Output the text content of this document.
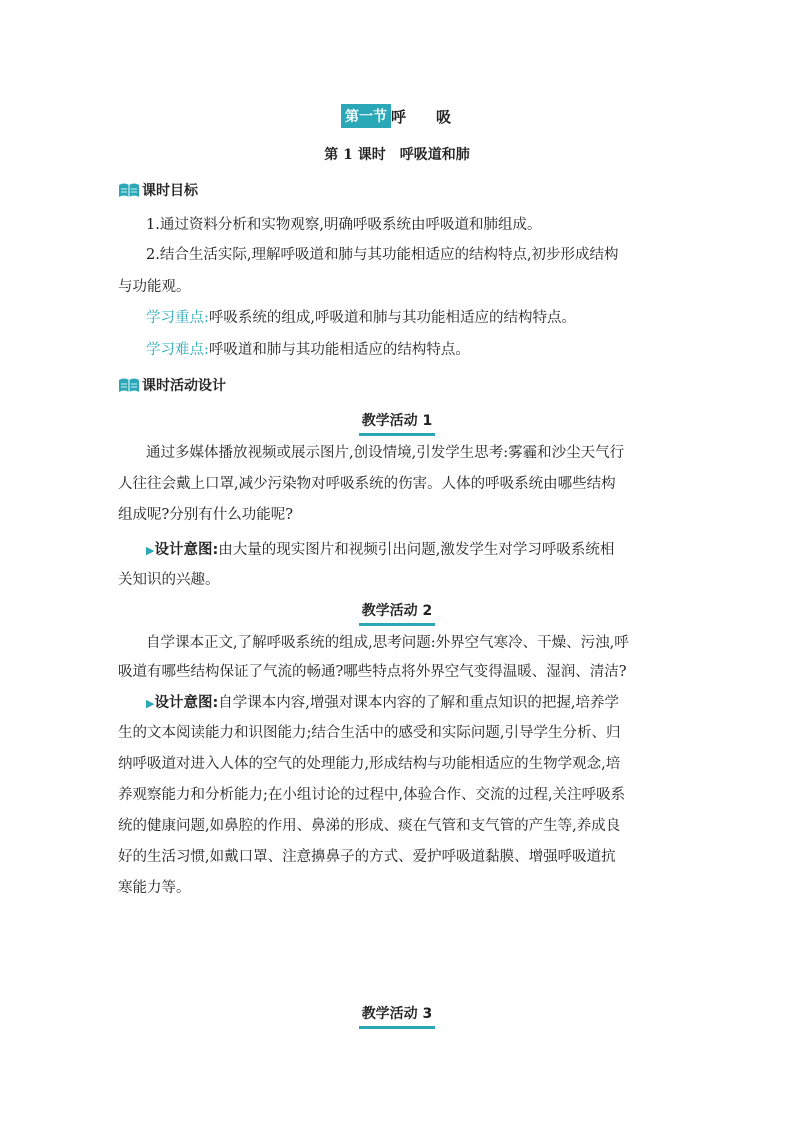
第一节 呼 吸
第 1 课时 呼吸道和肺
课时目标
1.通过资料分析和实物观察,明确呼吸系统由呼吸道和肺组成。
2.结合生活实际,理解呼吸道和肺与其功能相适应的结构特点,初步形成结构
与功能观。
学习重点:呼吸系统的组成,呼吸道和肺与其功能相适应的结构特点。
学习难点:呼吸道和肺与其功能相适应的结构特点。
课时活动设计
教学活动 1
通过多媒体播放视频或展示图片,创设情境,引发学生思考:雾霾和沙尘天气行
人往往会戴上口罩,减少污染物对呼吸系统的伤害。人体的呼吸系统由哪些结构
组成呢?分别有什么功能呢?
▶设计意图:由大量的现实图片和视频引出问题,激发学生对学习呼吸系统相
关知识的兴趣。
教学活动 2
自学课本正文,了解呼吸系统的组成,思考问题:外界空气寒冷、干燥、污浊,呼
吸道有哪些结构保证了气流的畅通?哪些特点将外界空气变得温暖、湿润、清洁?
▶设计意图:自学课本内容,增强对课本内容的了解和重点知识的把握,培养学
生的文本阅读能力和识图能力;结合生活中的感受和实际问题,引导学生分析、归
纳呼吸道对进入人体的空气的处理能力,形成结构与功能相适应的生物学观念,培
养观察能力和分析能力;在小组讨论的过程中,体验合作、交流的过程,关注呼吸系
统的健康问题,如鼻腔的作用、鼻涕的形成、痰在气管和支气管的产生等,养成良
好的生活习惯,如戴口罩、注意擤鼻子的方式、爱护呼吸道黏膜、增强呼吸道抗
寒能力等。
教学活动 3
